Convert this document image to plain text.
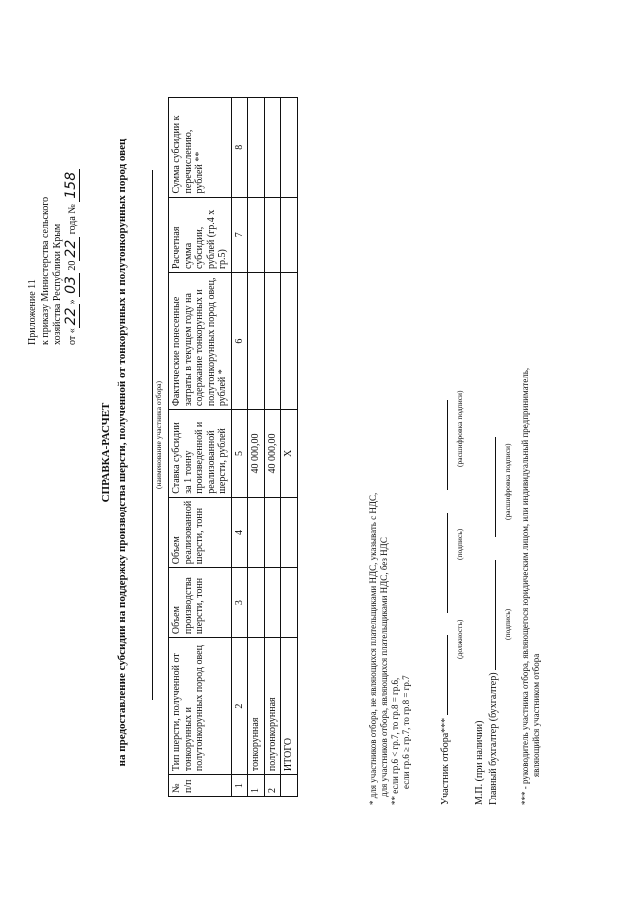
Приложение 11 к приказу Министерства сельского хозяйства Республики Крым от «22» 03 2022 года № 158
СПРАВКА-РАСЧЕТ на предоставление субсидии на поддержку производства шерсти, полученной от тонкорунных и полутонкорунных пород овец	(наименование участника отбора)
№ п/п	Тип шерсти, полученной от тонкорунных и полутонкорунных пород овец	Объем производства шерсти, тонн	Объем реализованной шерсти, тонн	Ставка субсидии за 1 тонну произведенной и реализованной шерсти, рублей	Фактические понесенные затраты в текущем году на содержание тонкорунных и полутонкорунных пород овец, рублей *	Расчетная сумма субсидии, рублей (гр.4 х гр.5)	Сумма субсидии к перечислению, рублей **
1	2	3	4	5	6	7	8
1	тонкорунная			40 000,00			
2	полутонкорунная			40 000,00			
	ИТОГО			Х			
* для участников отбора, не являющихся плательщиками НДС, указывать с НДС, для участников отбора, являющихся плательщиками НДС, без НДС ** если гр.6 < гр.7, то гр.8 = гр.6, если гр.6 ≥ гр.7, то гр.8 = гр.7	Участник отбора***
(должность)
(подпись)
(расшифровка подписи)
М.П. (при наличии) Главный бухгалтер (бухгалтер)
(подпись)
(расшифровка подписи) *** - руководитель участника отбора, являющегося юридическим лицом, или индивидуальный предприниматель, являющийся участником отбора
